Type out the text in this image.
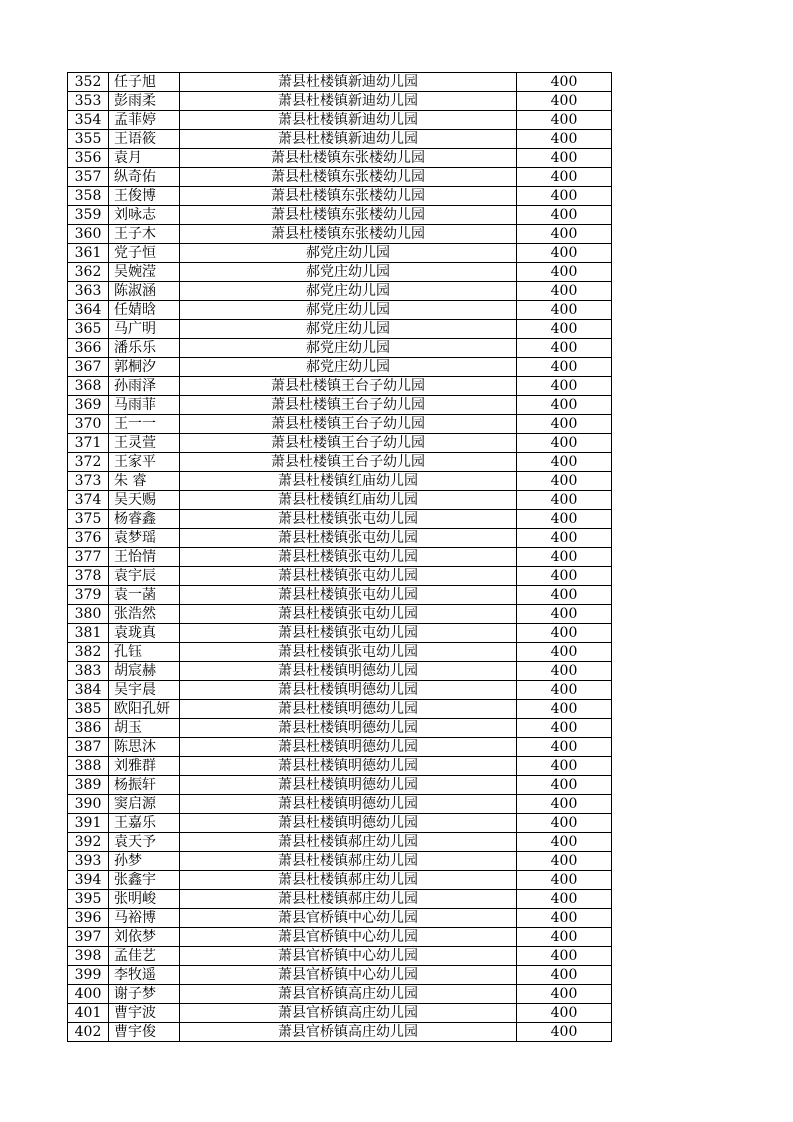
352	任子旭	萧县杜楼镇新迪幼儿园	400
353	彭雨柔	萧县杜楼镇新迪幼儿园	400
354	孟菲婷	萧县杜楼镇新迪幼儿园	400
355	王语筱	萧县杜楼镇新迪幼儿园	400
356	袁月	萧县杜楼镇东张楼幼儿园	400
357	纵奇佑	萧县杜楼镇东张楼幼儿园	400
358	王俊博	萧县杜楼镇东张楼幼儿园	400
359	刘咏志	萧县杜楼镇东张楼幼儿园	400
360	王子木	萧县杜楼镇东张楼幼儿园	400
361	党子恒	郝党庄幼儿园	400
362	吴婉滢	郝党庄幼儿园	400
363	陈淑涵	郝党庄幼儿园	400
364	任婧晗	郝党庄幼儿园	400
365	马广明	郝党庄幼儿园	400
366	潘乐乐	郝党庄幼儿园	400
367	郭桐汐	郝党庄幼儿园	400
368	孙雨泽	萧县杜楼镇王台子幼儿园	400
369	马雨菲	萧县杜楼镇王台子幼儿园	400
370	王一一	萧县杜楼镇王台子幼儿园	400
371	王灵萱	萧县杜楼镇王台子幼儿园	400
372	王家平	萧县杜楼镇王台子幼儿园	400
373	朱 睿	萧县杜楼镇红庙幼儿园	400
374	吴天赐	萧县杜楼镇红庙幼儿园	400
375	杨睿鑫	萧县杜楼镇张屯幼儿园	400
376	袁梦瑶	萧县杜楼镇张屯幼儿园	400
377	王怡情	萧县杜楼镇张屯幼儿园	400
378	袁宇辰	萧县杜楼镇张屯幼儿园	400
379	袁一菡	萧县杜楼镇张屯幼儿园	400
380	张浩然	萧县杜楼镇张屯幼儿园	400
381	袁珑真	萧县杜楼镇张屯幼儿园	400
382	孔钰	萧县杜楼镇张屯幼儿园	400
383	胡宸赫	萧县杜楼镇明德幼儿园	400
384	吴宇晨	萧县杜楼镇明德幼儿园	400
385	欧阳孔妍	萧县杜楼镇明德幼儿园	400
386	胡玉	萧县杜楼镇明德幼儿园	400
387	陈思沐	萧县杜楼镇明德幼儿园	400
388	刘雅群	萧县杜楼镇明德幼儿园	400
389	杨振轩	萧县杜楼镇明德幼儿园	400
390	窦启源	萧县杜楼镇明德幼儿园	400
391	王嘉乐	萧县杜楼镇明德幼儿园	400
392	袁天予	萧县杜楼镇郝庄幼儿园	400
393	孙梦	萧县杜楼镇郝庄幼儿园	400
394	张鑫宇	萧县杜楼镇郝庄幼儿园	400
395	张明峻	萧县杜楼镇郝庄幼儿园	400
396	马裕博	萧县官桥镇中心幼儿园	400
397	刘依梦	萧县官桥镇中心幼儿园	400
398	孟佳艺	萧县官桥镇中心幼儿园	400
399	李牧遥	萧县官桥镇中心幼儿园	400
400	谢子梦	萧县官桥镇高庄幼儿园	400
401	曹宇波	萧县官桥镇高庄幼儿园	400
402	曹宇俊	萧县官桥镇高庄幼儿园	400
